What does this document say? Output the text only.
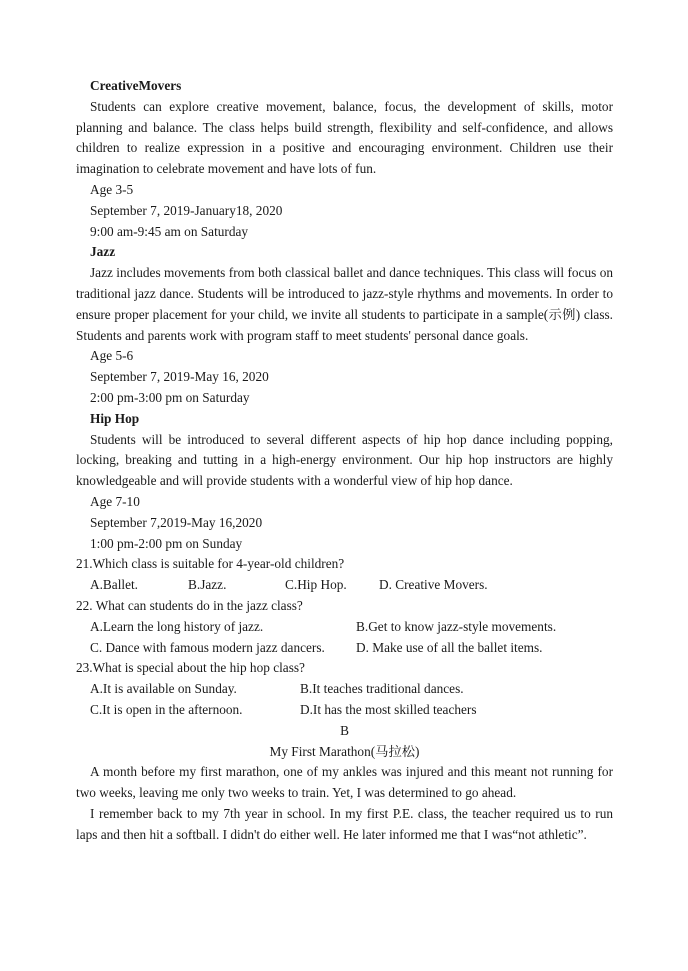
CreativeMovers
Students can explore creative movement, balance, focus, the development of skills, motor planning and balance. The class helps build strength, flexibility and self-confidence, and allows children to realize expression in a positive and encouraging environment. Children use their imagination to celebrate movement and have lots of fun.
Age 3-5
September 7, 2019-January18, 2020
9:00 am-9:45 am on Saturday
Jazz
Jazz includes movements from both classical ballet and dance techniques. This class will focus on traditional jazz dance. Students will be introduced to jazz-style rhythms and movements. In order to ensure proper placement for your child, we invite all students to participate in a sample(示例) class. Students and parents work with program staff to meet students' personal dance goals.
Age 5-6
September 7, 2019-May 16, 2020
2:00 pm-3:00 pm on Saturday
Hip Hop
Students will be introduced to several different aspects of hip hop dance including popping, locking, breaking and tutting in a high-energy environment. Our hip hop instructors are highly knowledgeable and will provide students with a wonderful view of hip hop dance.
Age 7-10
September 7,2019-May 16,2020
1:00 pm-2:00 pm on Sunday
21.Which class is suitable for 4-year-old children?
A.Ballet.	B.Jazz.	C.Hip Hop.	D. Creative Movers.
22. What can students do in the jazz class?
A.Learn the long history of jazz.	B.Get to know jazz-style movements.
C. Dance with famous modern jazz dancers.	D. Make use of all the ballet items.
23.What is special about the hip hop class?
A.It is available on Sunday.	B.It teaches traditional dances.
C.It is open in the afternoon.	D.It has the most skilled teachers
B
My First Marathon(马拉松)
A month before my first marathon, one of my ankles was injured and this meant not running for two weeks, leaving me only two weeks to train. Yet, I was determined to go ahead.
I remember back to my 7th year in school. In my first P.E. class, the teacher required us to run laps and then hit a softball. I didn't do either well. He later informed me that I was“not athletic”.
